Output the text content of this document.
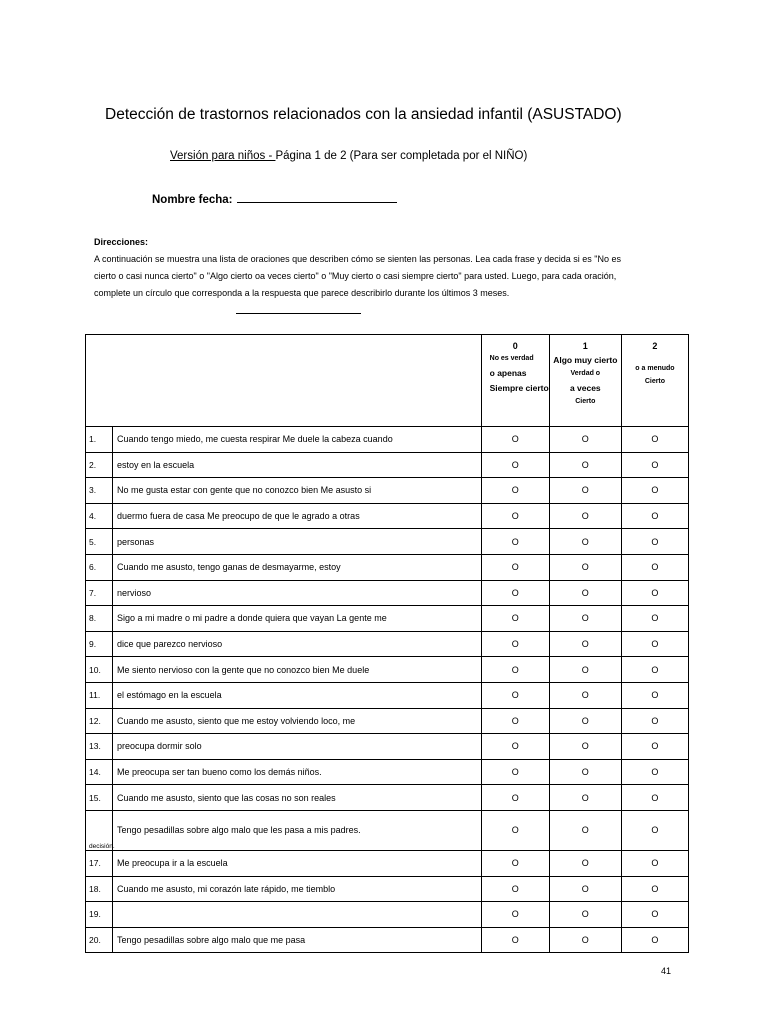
Detección de trastornos relacionados con la ansiedad infantil (ASUSTADO)
Versión para niños - Página 1 de 2 (Para ser completada por el NIÑO)
Nombre fecha:
Direcciones:
A continuación se muestra una lista de oraciones que describen cómo se sienten las personas. Lea cada frase y decida si es "No es
cierto o casi nunca cierto" o "Algo cierto oa veces cierto" o "Muy cierto o casi siempre cierto" para usted. Luego, para cada oración,
complete un círculo que corresponda a la respuesta que parece describirlo durante los últimos 3 meses.

		0
No es verdad
o apenas
Siempre cierto	1
Algo muy cierto
Verdad o
a veces
Cierto	2
o a menudo
Cierto

1.	Cuando tengo miedo, me cuesta respirar Me duele la cabeza cuando	O	O	O
2.	estoy en la escuela	O	O	O
3.	No me gusta estar con gente que no conozco bien Me asusto si	O	O	O
4.	duermo fuera de casa Me preocupo de que le agrado a otras	O	O	O
5.	personas	O	O	O
6.	Cuando me asusto, tengo ganas de desmayarme, estoy	O	O	O
7.	nervioso	O	O	O
8.	Sigo a mi madre o mi padre a donde quiera que vayan La gente me	O	O	O
9.	dice que parezco nervioso	O	O	O
10.	Me siento nervioso con la gente que no conozco bien Me duele	O	O	O
11.	el estómago en la escuela	O	O	O
12.	Cuando me asusto, siento que me estoy volviendo loco, me	O	O	O
13.	preocupa dormir solo	O	O	O
14.	Me preocupa ser tan bueno como los demás niños.	O	O	O
15.	Cuando me asusto, siento que las cosas no son reales	O	O	O
decisión.	Tengo pesadillas sobre algo malo que les pasa a mis padres.	O	O	O
17.	Me preocupa ir a la escuela	O	O	O
18.	Cuando me asusto, mi corazón late rápido, me tiemblo	O	O	O
19.		O	O	O
20.	Tengo pesadillas sobre algo malo que me pasa	O	O	O
41
